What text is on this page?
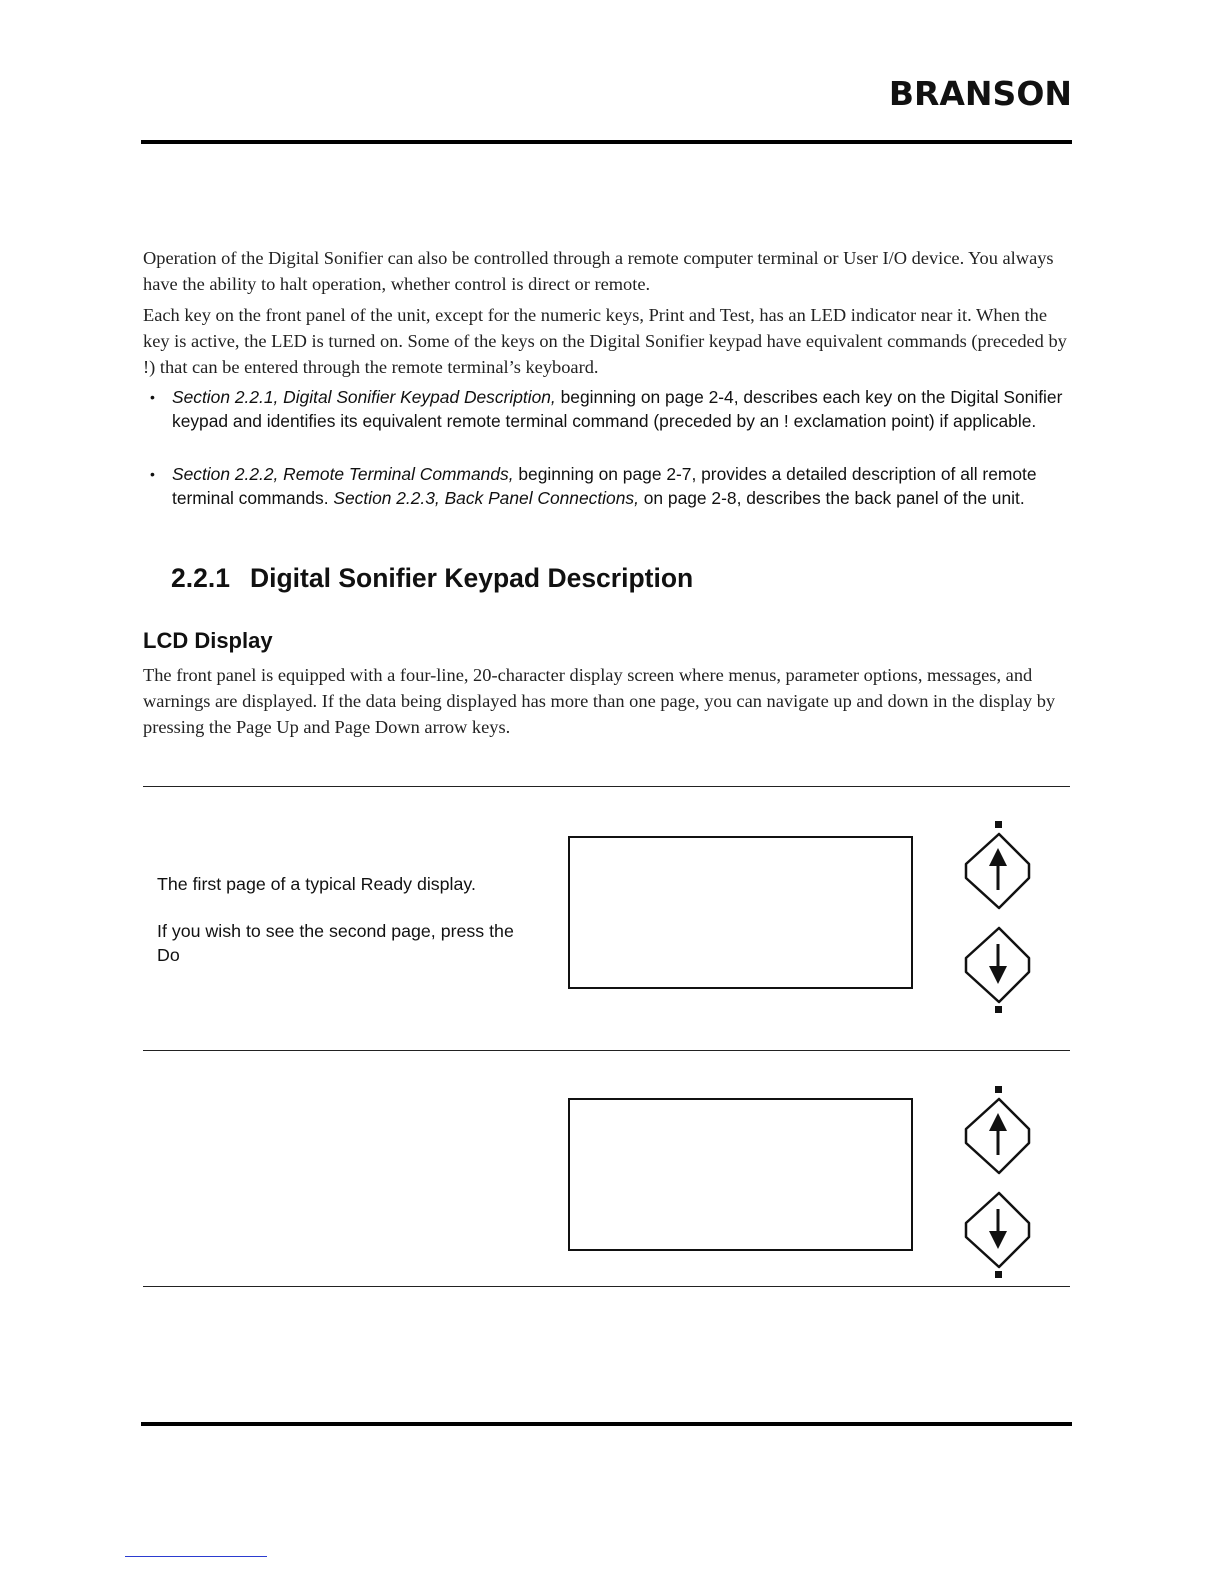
BRANSON

Operation of the Digital Sonifier can also be controlled through a remote computer terminal or User I/O device. You always have the ability to halt operation, whether control is direct or remote.

Each key on the front panel of the unit, except for the numeric keys, Print and Test, has an LED indicator near it. When the key is active, the LED is turned on. Some of the keys on the Digital Sonifier keypad have equivalent commands (preceded by !) that can be entered through the remote terminal’s keyboard.

• Section 2.2.1, Digital Sonifier Keypad Description, beginning on page 2-4, describes each key on the Digital Sonifier keypad and identifies its equivalent remote terminal command (preceded by an ! exclamation point) if applicable.
• Section 2.2.2, Remote Terminal Commands, beginning on page 2-7, provides a detailed description of all remote terminal commands. Section 2.2.3, Back Panel Connections, on page 2-8, describes the back panel of the unit.
2.2.1 Digital Sonifier Keypad Description
LCD Display

The front panel is equipped with a four-line, 20-character display screen where menus, parameter options, messages, and warnings are displayed. If the data being displayed has more than one page, you can navigate up and down in the display by pressing the Page Up and Page Down arrow keys.

The first page of a typical Ready display.
If you wish to see the second page, press the Do
